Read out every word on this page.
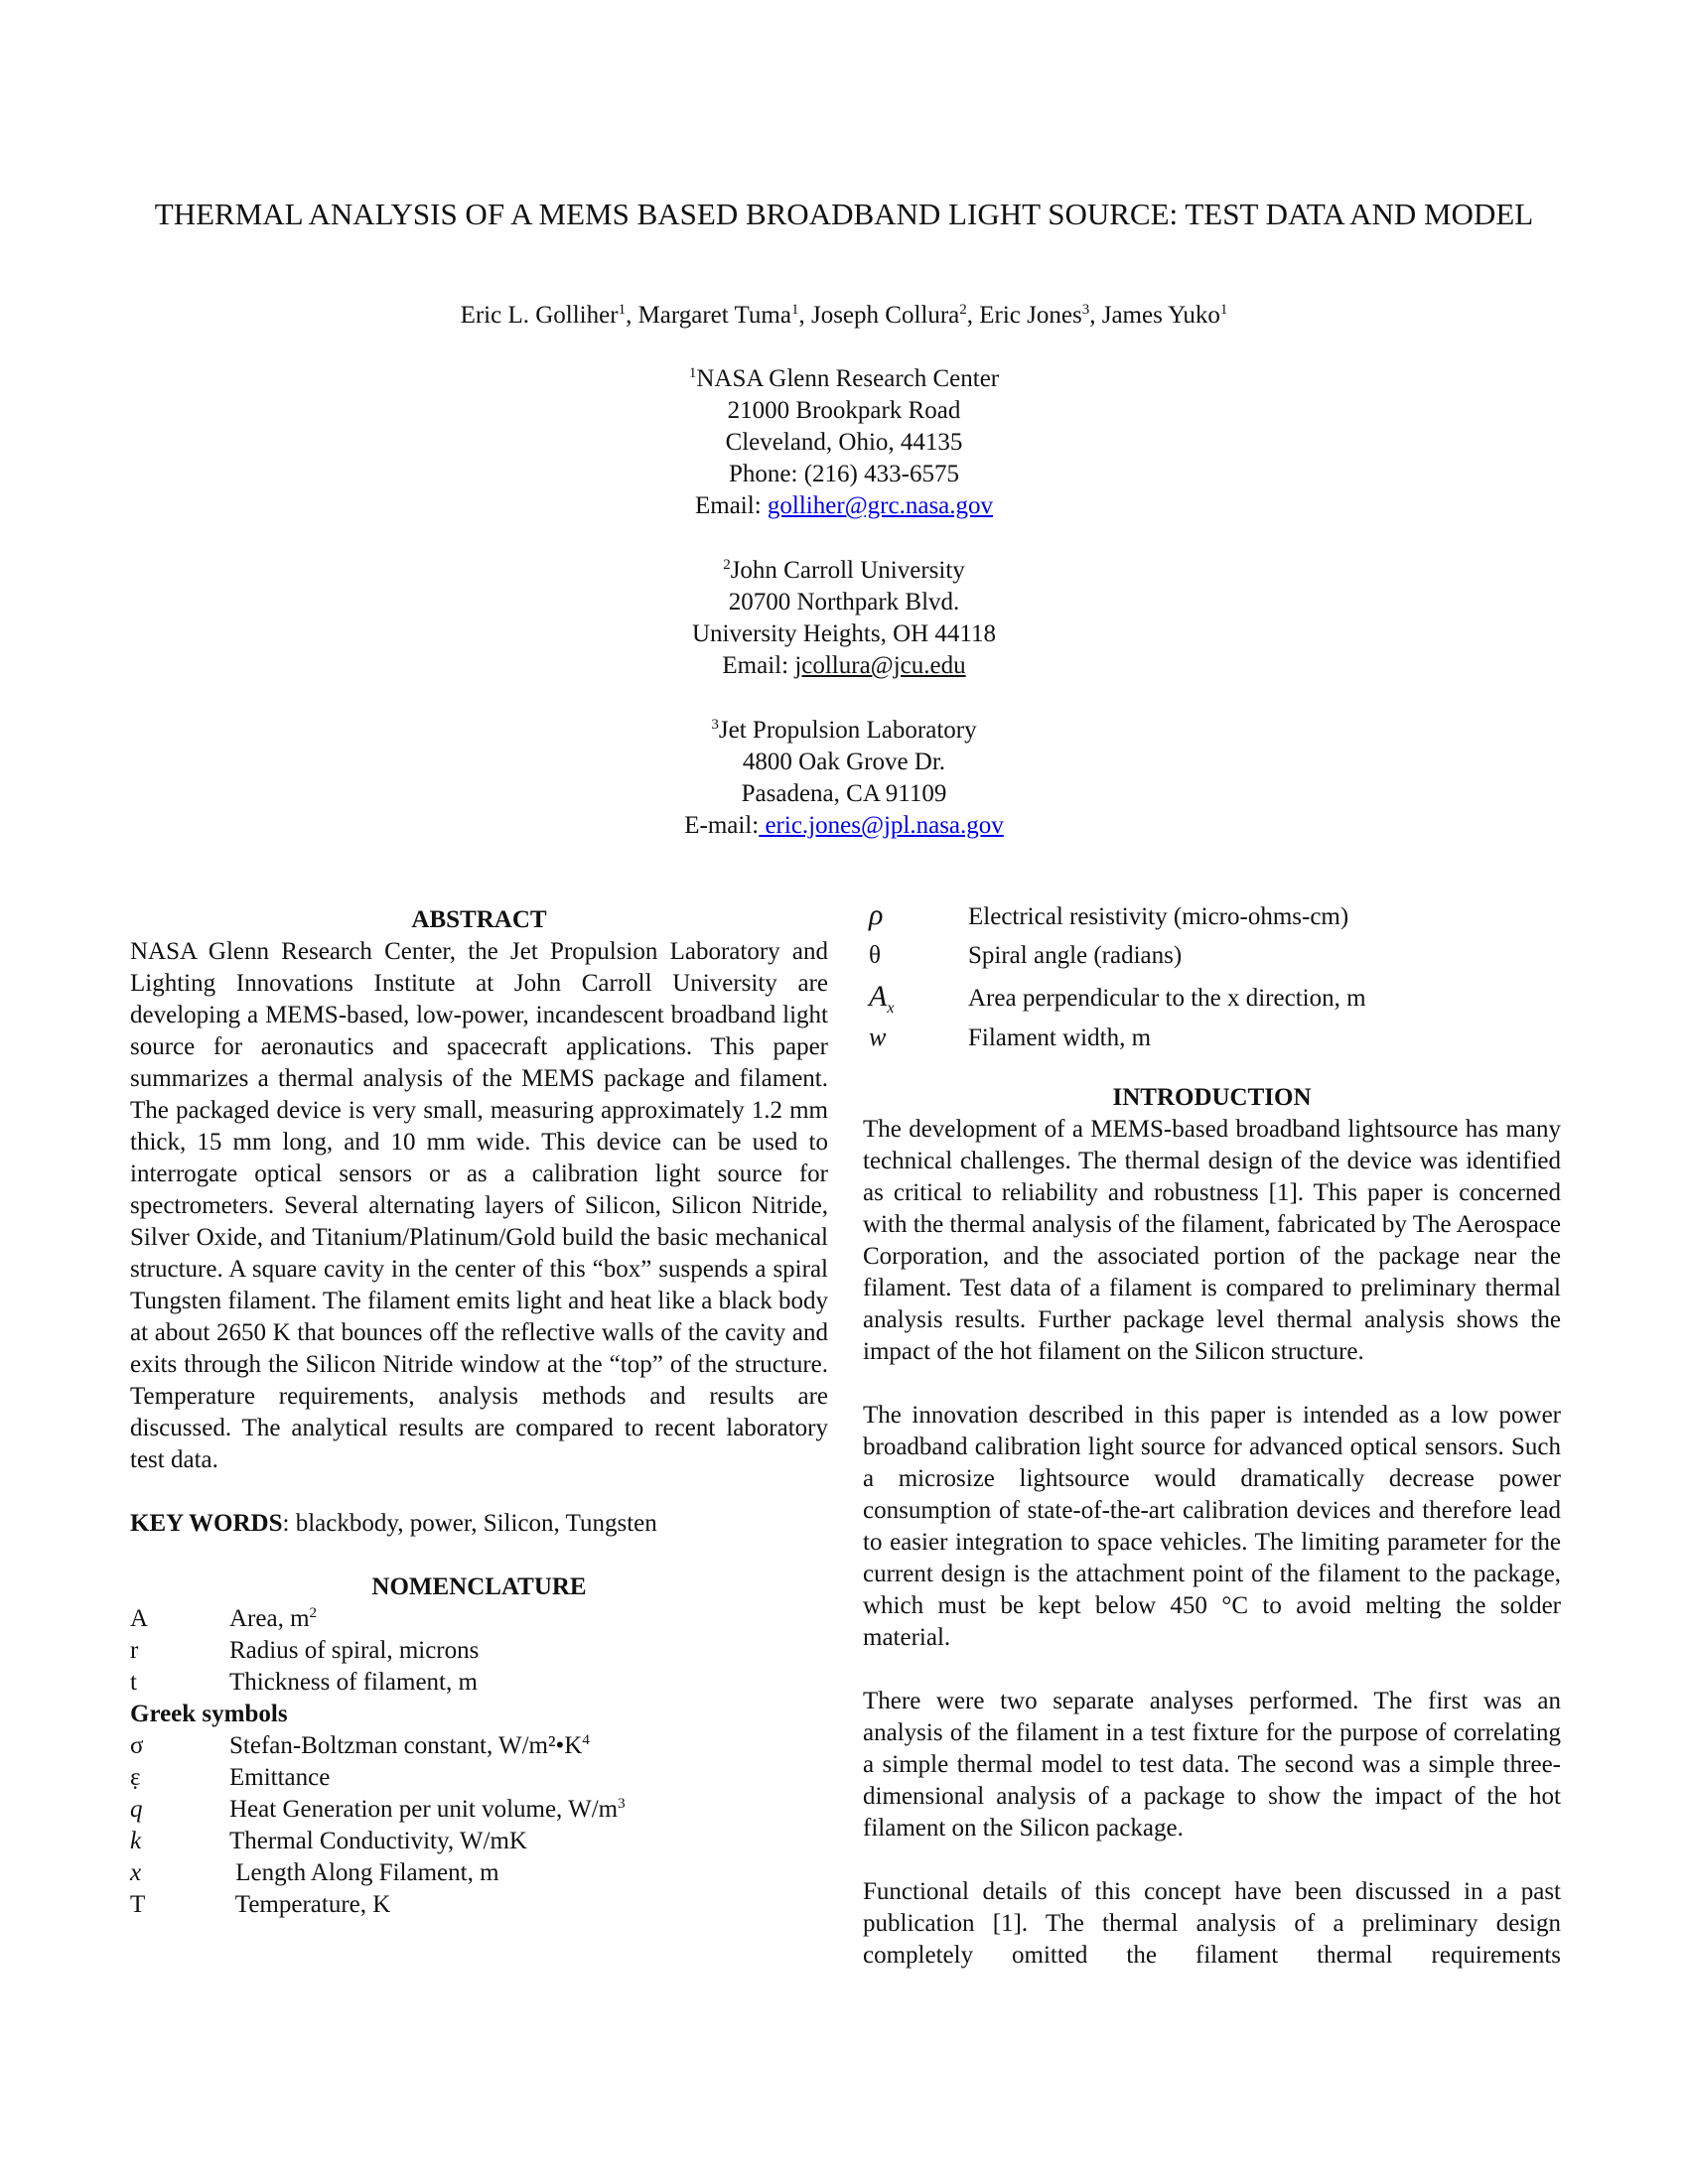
THERMAL ANALYSIS OF A MEMS BASED BROADBAND LIGHT SOURCE: TEST DATA AND MODEL
Eric L. Golliher$^1$, Margaret Tuma$^1$, Joseph Collura$^2$, Eric Jones$^3$, James Yuko$^1$
$^1$NASA Glenn Research Center
21000 Brookpark Road
Cleveland, Ohio, 44135
Phone: (216) 433-6575
Email: golliher@grc.nasa.gov
$^2$John Carroll University
20700 Northpark Blvd.
University Heights, OH 44118
Email: jcollura@jcu.edu
$^3$Jet Propulsion Laboratory
4800 Oak Grove Dr.
Pasadena, CA 91109
E-mail: eric.jones@jpl.nasa.gov
ABSTRACT
NASA Glenn Research Center, the Jet Propulsion Laboratory and Lighting Innovations Institute at John Carroll University are developing a MEMS-based, low-power, incandescent broadband light source for aeronautics and spacecraft applications. This paper summarizes a thermal analysis of the MEMS package and filament. The packaged device is very small, measuring approximately 1.2 mm thick, 15 mm long, and 10 mm wide. This device can be used to interrogate optical sensors or as a calibration light source for spectrometers. Several alternating layers of Silicon, Silicon Nitride, Silver Oxide, and Titanium/Platinum/Gold build the basic mechanical structure. A square cavity in the center of this “box” suspends a spiral Tungsten filament. The filament emits light and heat like a black body at about 2650 K that bounces off the reflective walls of the cavity and exits through the Silicon Nitride window at the “top” of the structure. Temperature requirements, analysis methods and results are discussed. The analytical results are compared to recent laboratory test data.
KEY WORDS: blackbody, power, Silicon, Tungsten
NOMENCLATURE
A	Area, $m^2$
r	Radius of spiral, microns
t	Thickness of filament, m
Greek symbols
σ	Stefan-Boltzman constant, $W/m^2•K^4$
ε	Emittance
˙ q	Heat Generation per unit volume, $W/m^3$
k	Thermal Conductivity, W/mK
x	Length Along Filament, m
T	Temperature, K
ρ	Electrical resistivity (micro-ohms-cm)
θ	Spiral angle (radians)
$A_x$	Area perpendicular to the x direction, m
w	Filament width, m
INTRODUCTION
The development of a MEMS-based broadband lightsource has many technical challenges. The thermal design of the device was identified as critical to reliability and robustness [1]. This paper is concerned with the thermal analysis of the filament, fabricated by The Aerospace Corporation, and the associated portion of the package near the filament. Test data of a filament is compared to preliminary thermal analysis results. Further package level thermal analysis shows the impact of the hot filament on the Silicon structure.
The innovation described in this paper is intended as a low power broadband calibration light source for advanced optical sensors. Such a microsize lightsource would dramatically decrease power consumption of state-of-the-art calibration devices and therefore lead to easier integration to space vehicles. The limiting parameter for the current design is the attachment point of the filament to the package, which must be kept below 450 °C to avoid melting the solder material.
There were two separate analyses performed. The first was an analysis of the filament in a test fixture for the purpose of correlating a simple thermal model to test data. The second was a simple three-dimensional analysis of a package to show the impact of the hot filament on the Silicon package.
Functional details of this concept have been discussed in a past publication [1]. The thermal analysis of a preliminary design completely omitted the filament thermal requirements
